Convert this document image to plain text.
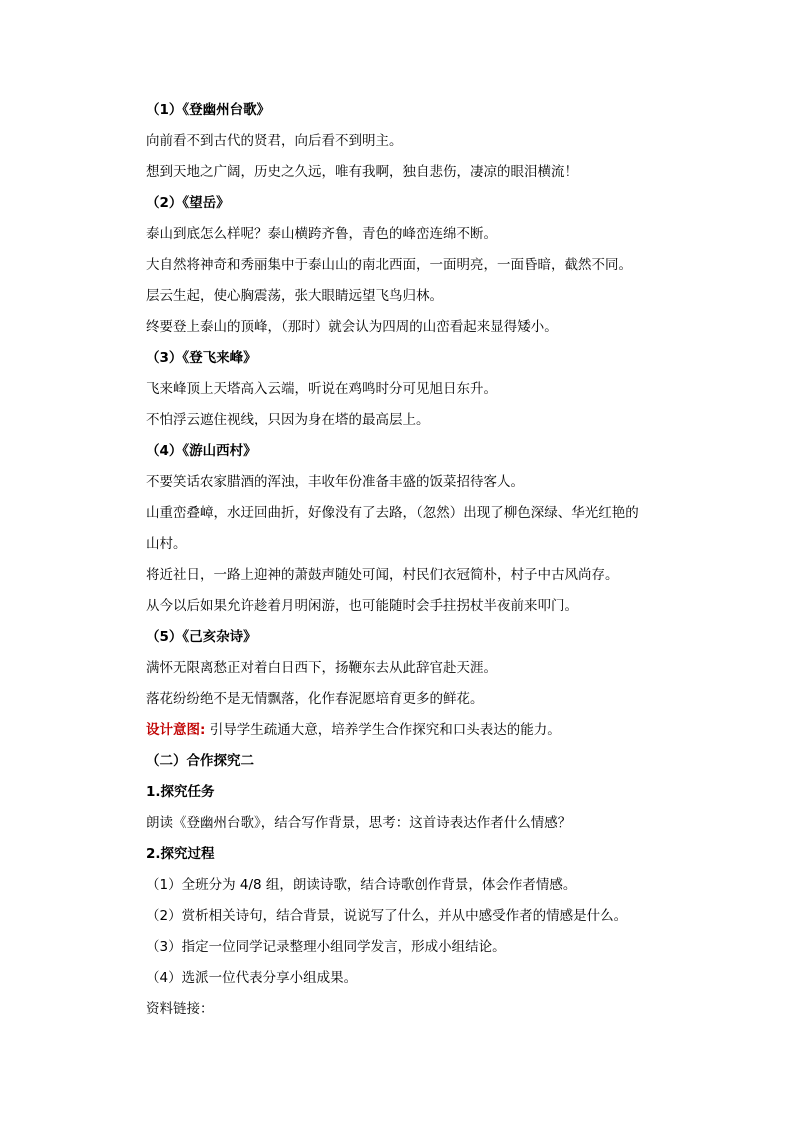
（1）《登幽州台歌》
向前看不到古代的贤君，向后看不到明主。
想到天地之广阔，历史之久远，唯有我啊，独自悲伤，凄凉的眼泪横流！
（2）《望岳》
泰山到底怎么样呢？泰山横跨齐鲁，青色的峰峦连绵不断。
大自然将神奇和秀丽集中于泰山山的南北西面，一面明亮，一面昏暗，截然不同。
层云生起，使心胸震荡，张大眼睛远望飞鸟归林。
终要登上泰山的顶峰，（那时）就会认为四周的山峦看起来显得矮小。
（3）《登飞来峰》
飞来峰顶上天塔高入云端，听说在鸡鸣时分可见旭日东升。
不怕浮云遮住视线，只因为身在塔的最高层上。
（4）《游山西村》
不要笑话农家腊酒的浑浊，丰收年份准备丰盛的饭菜招待客人。
山重峦叠嶂，水迂回曲折，好像没有了去路，（忽然）出现了柳色深绿、华光红艳的
山村。
将近社日，一路上迎神的萧鼓声随处可闻，村民们衣冠简朴，村子中古风尚存。
从今以后如果允许趁着月明闲游，也可能随时会手拄拐杖半夜前来叩门。
（5）《己亥杂诗》
满怀无限离愁正对着白日西下，扬鞭东去从此辞官赴天涯。
落花纷纷绝不是无情飘落，化作春泥愿培育更多的鲜花。
设计意图: 引导学生疏通大意，培养学生合作探究和口头表达的能力。
（二）合作探究二
1.探究任务
朗读《登幽州台歌》，结合写作背景，思考：这首诗表达作者什么情感？
2.探究过程
（1）全班分为 4/8 组，朗读诗歌，结合诗歌创作背景，体会作者情感。
（2）赏析相关诗句，结合背景，说说写了什么，并从中感受作者的情感是什么。
（3）指定一位同学记录整理小组同学发言，形成小组结论。
（4）选派一位代表分享小组成果。
资料链接：
